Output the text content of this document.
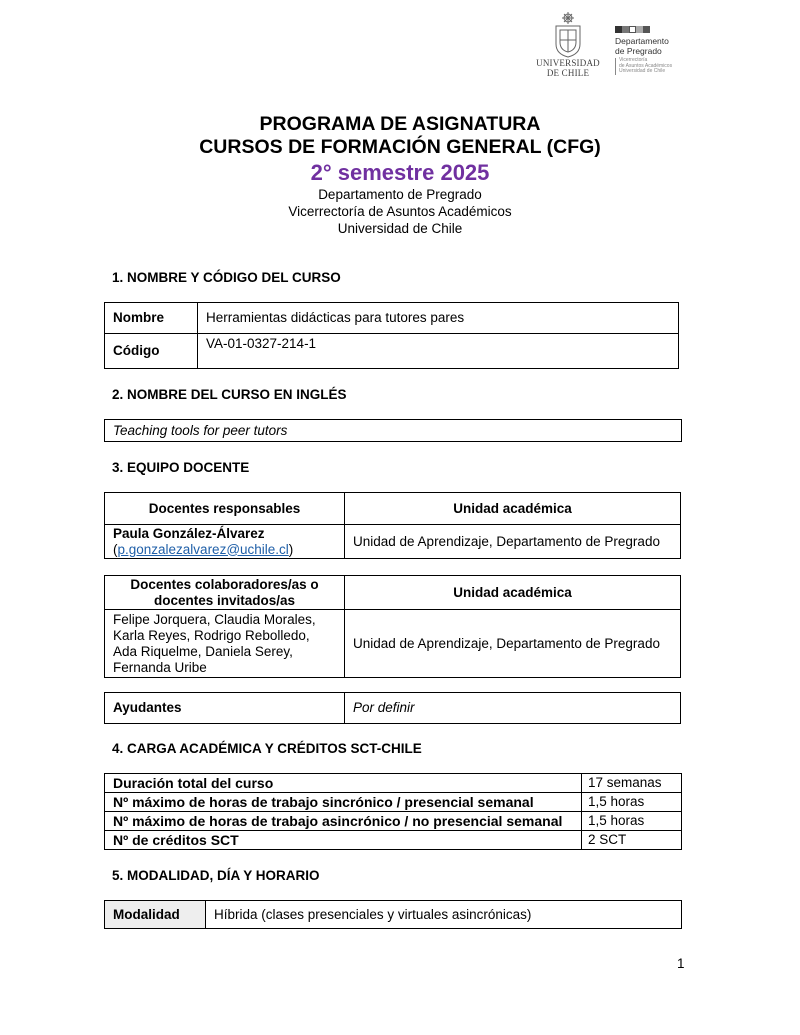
UNIVERSIDAD
DE CHILE
Departamento
de Pregrado
Vicerrectoría
de Asuntos Académicos
Universidad de Chile
PROGRAMA DE ASIGNATURA
CURSOS DE FORMACIÓN GENERAL (CFG)
2° semestre 2025
Departamento de Pregrado
Vicerrectoría de Asuntos Académicos
Universidad de Chile
1. NOMBRE Y CÓDIGO DEL CURSO
Nombre	Herramientas didácticas para tutores pares
Código	VA-01-0327-214-1
2. NOMBRE DEL CURSO EN INGLÉS
Teaching tools for peer tutors
3. EQUIPO DOCENTE
Docentes responsables	Unidad académica

Paula González-Álvarez
(p.gonzalezalvarez@uchile.cl)	Unidad de Aprendizaje, Departamento de Pregrado
Docentes colaboradores/as o docentes invitados/as	Unidad académica
Felipe Jorquera, Claudia Morales, Karla Reyes, Rodrigo Rebolledo, Ada Riquelme, Daniela Serey, Fernanda Uribe	Unidad de Aprendizaje, Departamento de Pregrado
Ayudantes	Por definir
4. CARGA ACADÉMICA Y CRÉDITOS SCT-CHILE
Duración total del curso	17 semanas
Nº máximo de horas de trabajo sincrónico / presencial semanal	1,5 horas
Nº máximo de horas de trabajo asincrónico / no presencial semanal	1,5 horas
Nº de créditos SCT	2 SCT
5. MODALIDAD, DÍA Y HORARIO
Modalidad	Híbrida (clases presenciales y virtuales asincrónicas)
1
